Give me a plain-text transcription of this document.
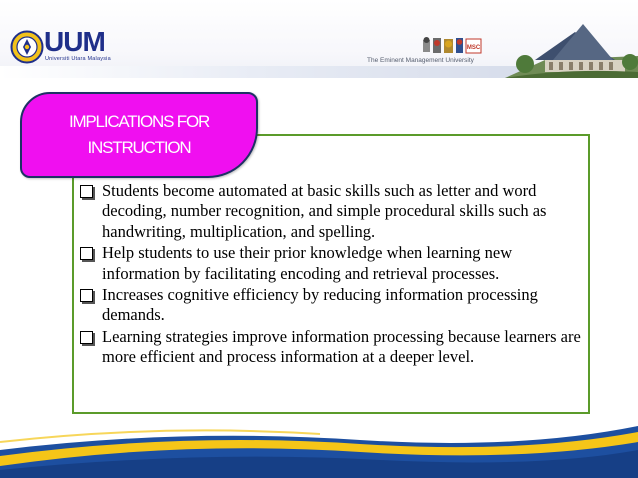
UUM
Universiti Utara Malaysia
MSC
The Eminent Management University
IMPLICATIONS FOR
INSTRUCTION
Students become automated at basic skills such as letter and word decoding, number recognition, and simple procedural skills such as handwriting, multiplication, and spelling.
Help students to use their prior knowledge when learning new information by facilitating encoding and retrieval processes.
Increases cognitive efficiency by reducing information processing demands.
Learning strategies improve information processing because learners are more efficient and process information at a deeper level.
